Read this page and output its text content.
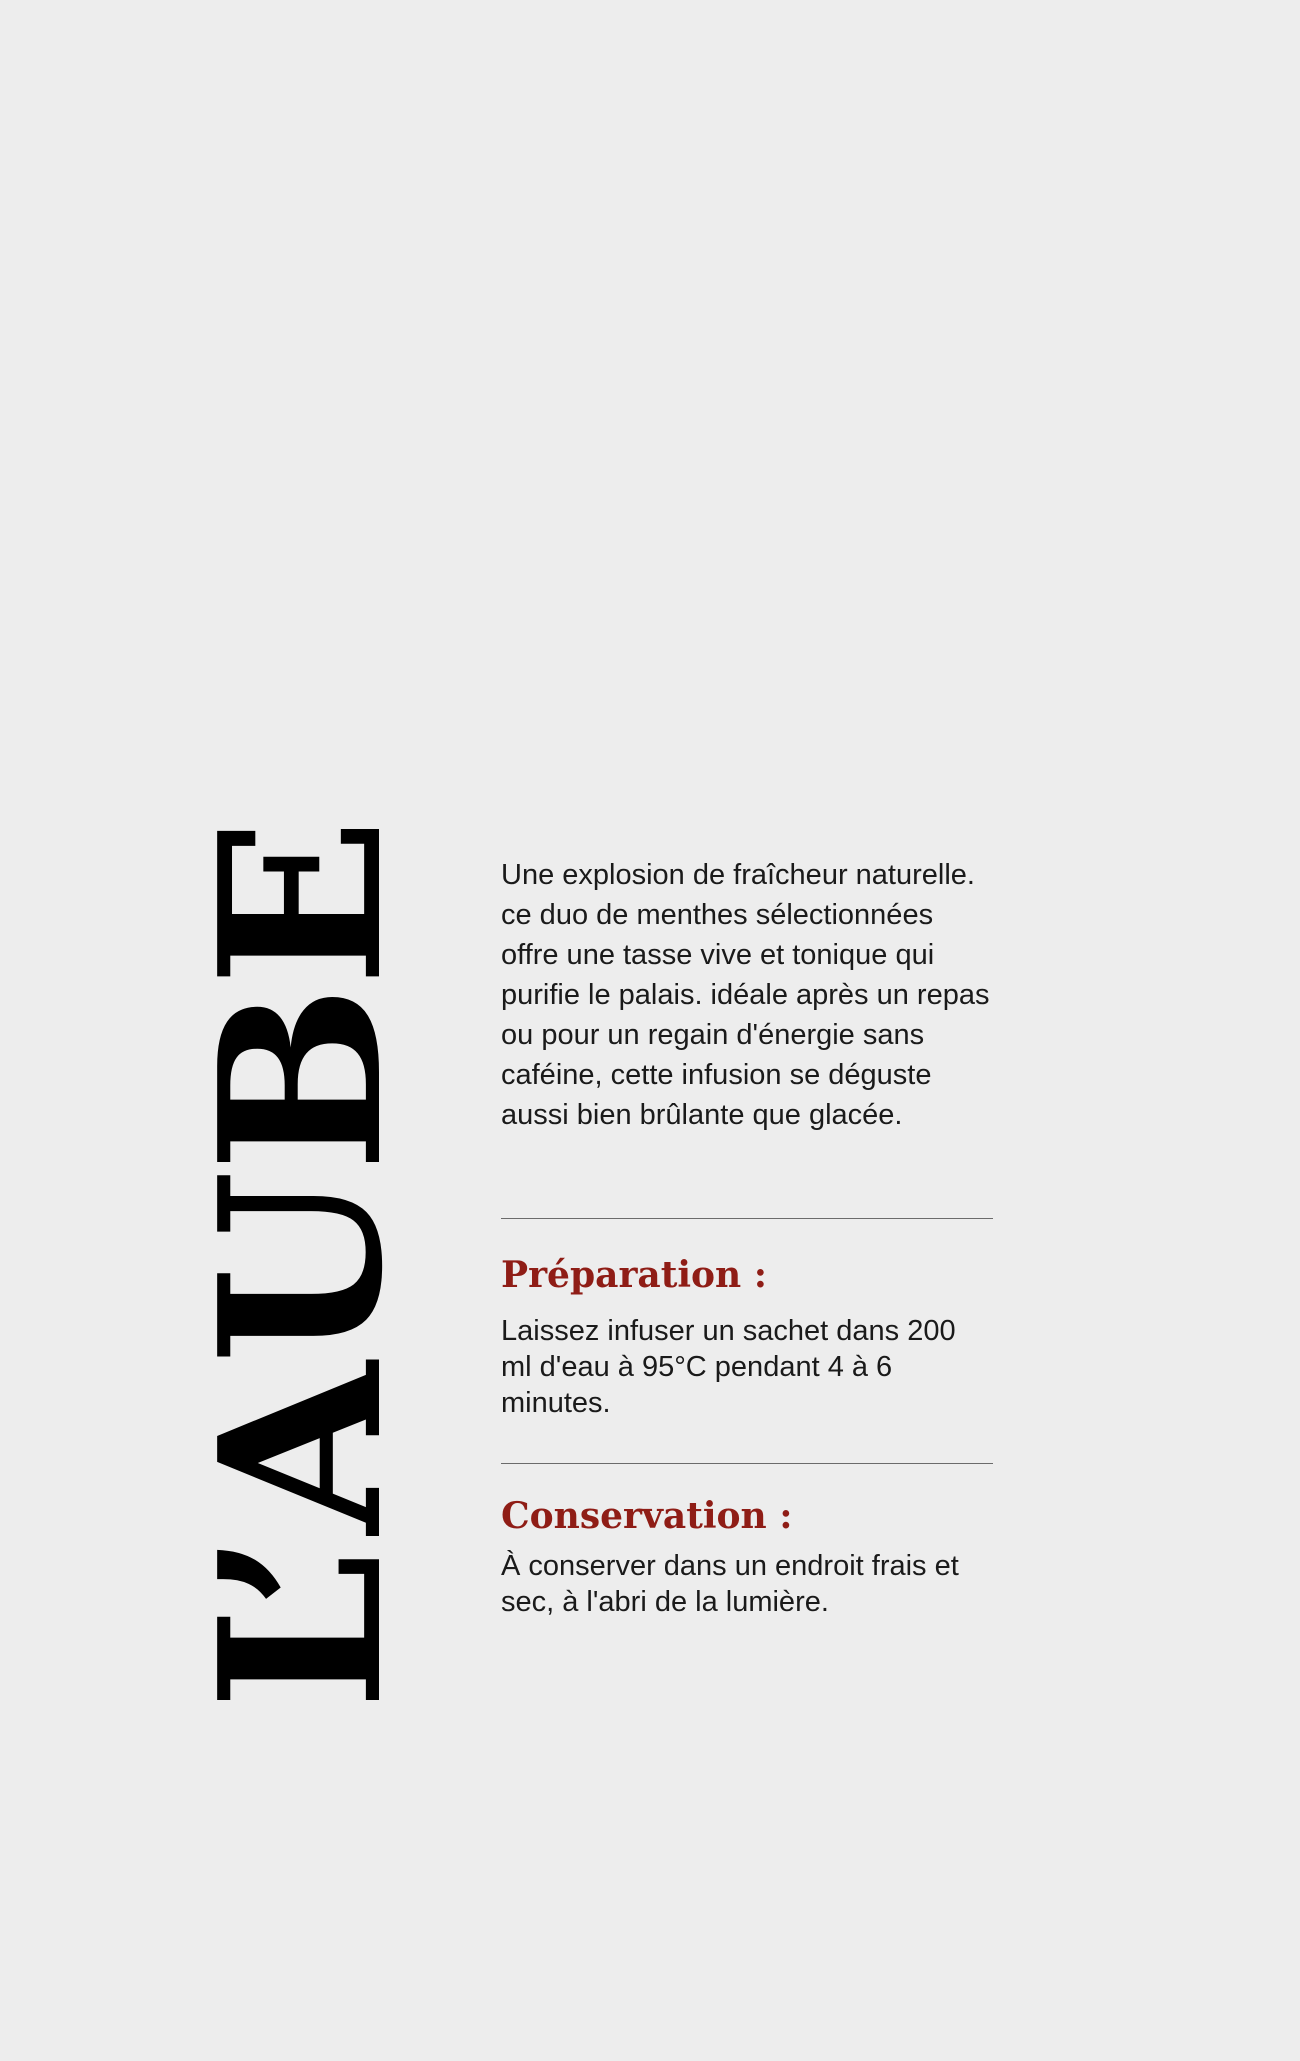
L’AUBE Une explosion de fraîcheur naturelle. ce duo de menthes sélectionnées offre une tasse vive et tonique qui purifie le palais. idéale après un repas ou pour un regain d'énergie sans caféine, cette infusion se déguste aussi bien brûlante que glacée.

Préparation :

Laissez infuser un sachet dans 200 ml d'eau à 95°C pendant 4 à 6 minutes.

Conservation :

À conserver dans un endroit frais et sec, à l'abri de la lumière.
